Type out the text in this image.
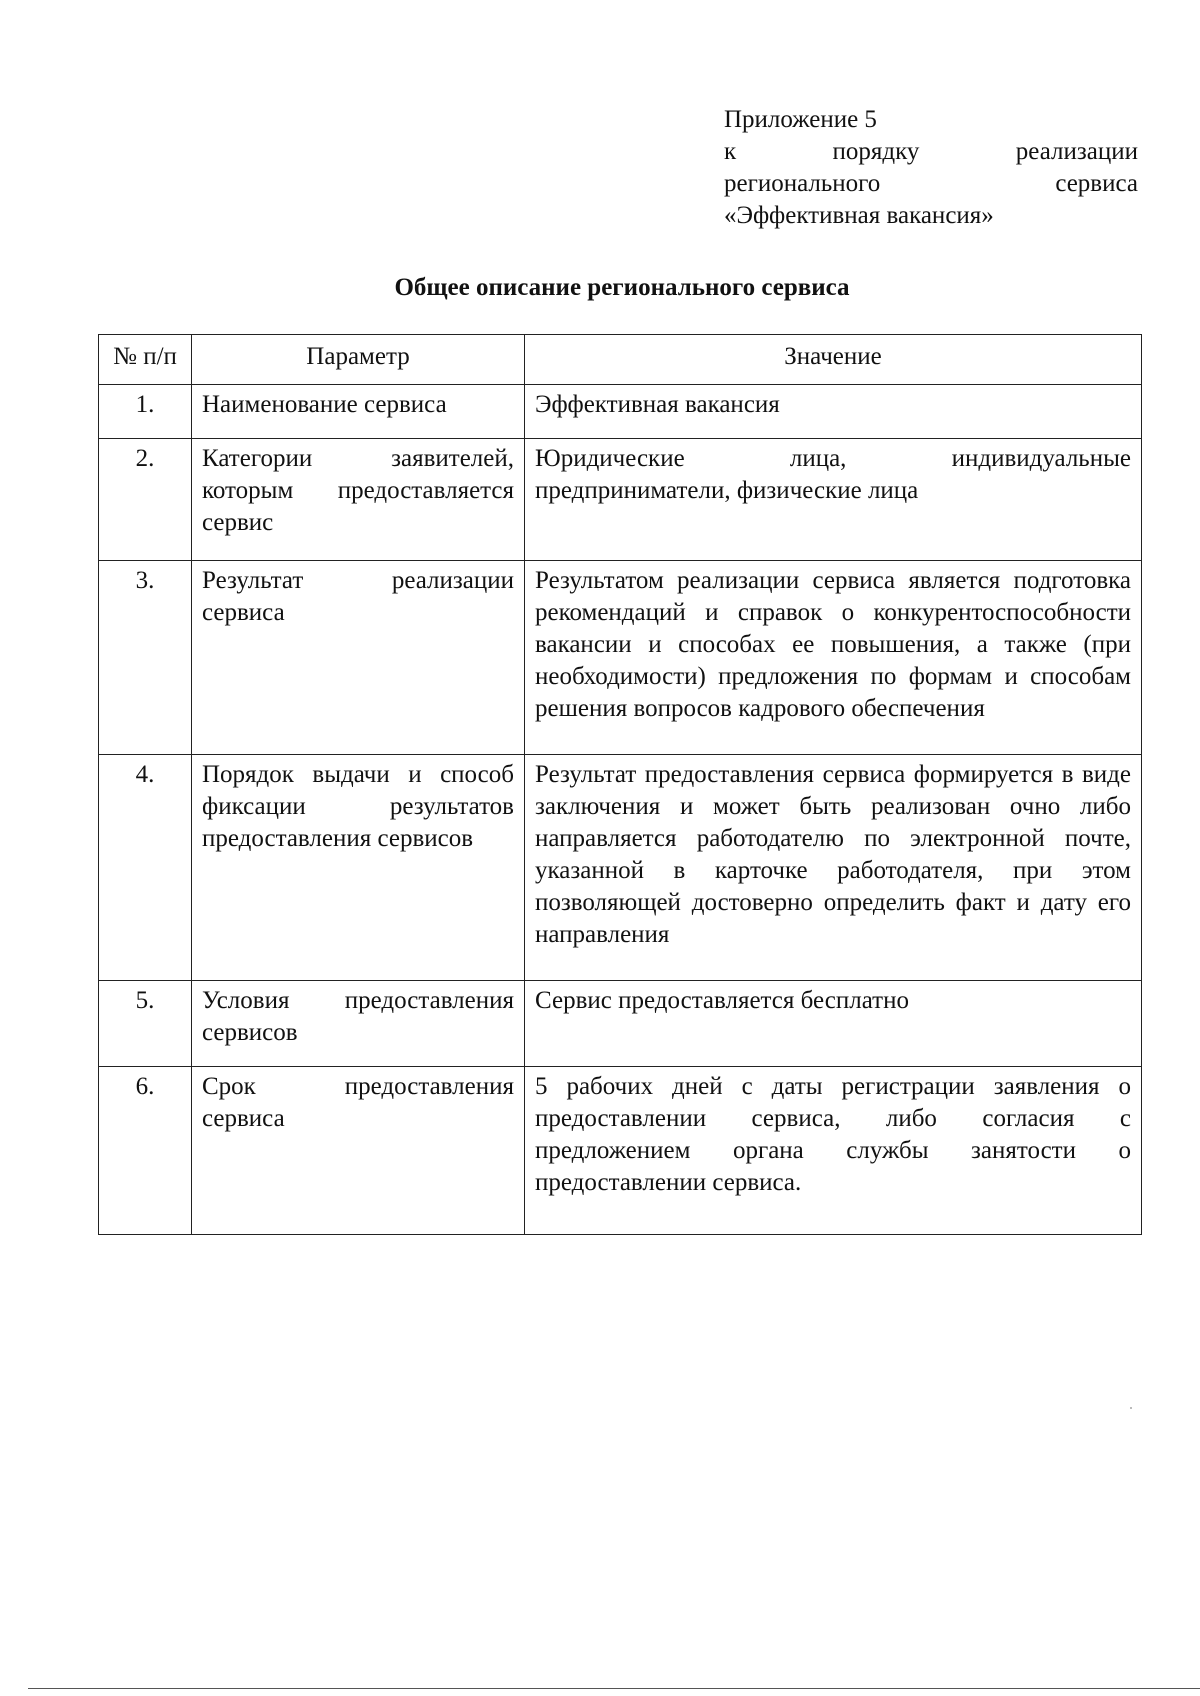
Приложение 5
к	порядку	реализации
регионального	сервиса
«Эффективная вакансия»
Общее описание регионального сервиса
№ п/п	Параметр	Значение
1.	Наименование сервиса	Эффективная вакансия
2.	Категории заявителей, которым предоставляется сервис	Юридические лица, индивидуальные предприниматели, физические лица
3.	Результат реализации сервиса	Результатом реализации сервиса является подготовка рекомендаций и справок о конкурентоспособности вакансии и способах ее повышения, а также (при необходимости) предложения по формам и способам решения вопросов кадрового обеспечения
4.	Порядок выдачи и способ фиксации результатов предоставления сервисов	Результат предоставления сервиса формируется в виде заключения и может быть реализован очно либо направляется работодателю по электронной почте, указанной в карточке работодателя, при этом позволяющей достоверно определить факт и дату его направления
5.	Условия предоставления сервисов	Сервис предоставляется бесплатно
6.	Срок предоставления сервиса	5 рабочих дней с даты регистрации заявления о предоставлении сервиса, либо согласия с предложением органа службы занятости о предоставлении сервиса.
